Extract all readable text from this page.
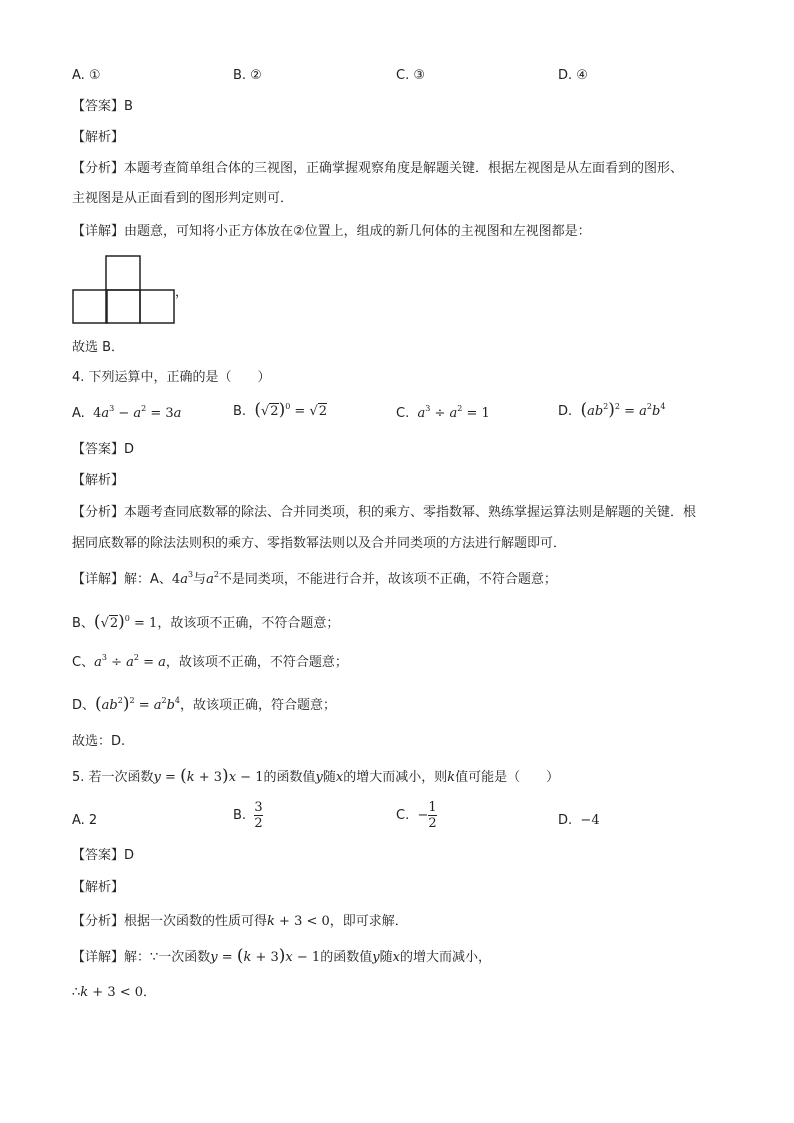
A. ①	B. ②	C. ③	D. ④
【答案】B
【解析】
【分析】本题考查简单组合体的三视图，正确掌握观察角度是解题关键．根据左视图是从左面看到的图形、
主视图是从正面看到的图形判定则可．
【详解】由题意，可知将小正方体放在②位置上，组成的新几何体的主视图和左视图都是：
，
故选 B．
4. 下列运算中，正确的是（　　）
A.  $4a^3 - a^2 = 3a$	B. $(√2)^0 = √2$	C. $a^3 \div a^2 = 1$	D. $(ab^2)^2 = a^2b^4$
【答案】D
【解析】
【分析】本题考查同底数幂的除法、合并同类项，积的乘方、零指数幂、熟练掌握运算法则是解题的关键．根
据同底数幂的除法法则积的乘方、零指数幂法则以及合并同类项的方法进行解题即可．
【详解】解：A、$4a^3$与$a^2$不是同类项，不能进行合并，故该项不正确，不符合题意；
B、$(√2)^0 = 1$，故该项不正确，不符合题意；
C、$a^3 \div a^2 = a$，故该项不正确，不符合题意；
D、$(ab^2)^2 = a^2b^4$，故该项正确，符合题意；
故选：D.
5. 若一次函数y = (k + 3)x − 1的函数值y随x的增大而减小，则k值可能是（　　）
A. 2	B. $\frac{3}{2}$	C. − $\frac{1}{2}$	D. −4
【答案】D
【解析】
【分析】根据一次函数的性质可得k + 3 < 0，即可求解．
【详解】解：∵一次函数y = (k + 3)x − 1的函数值y随x的增大而减小，
∴k + 3 < 0．
